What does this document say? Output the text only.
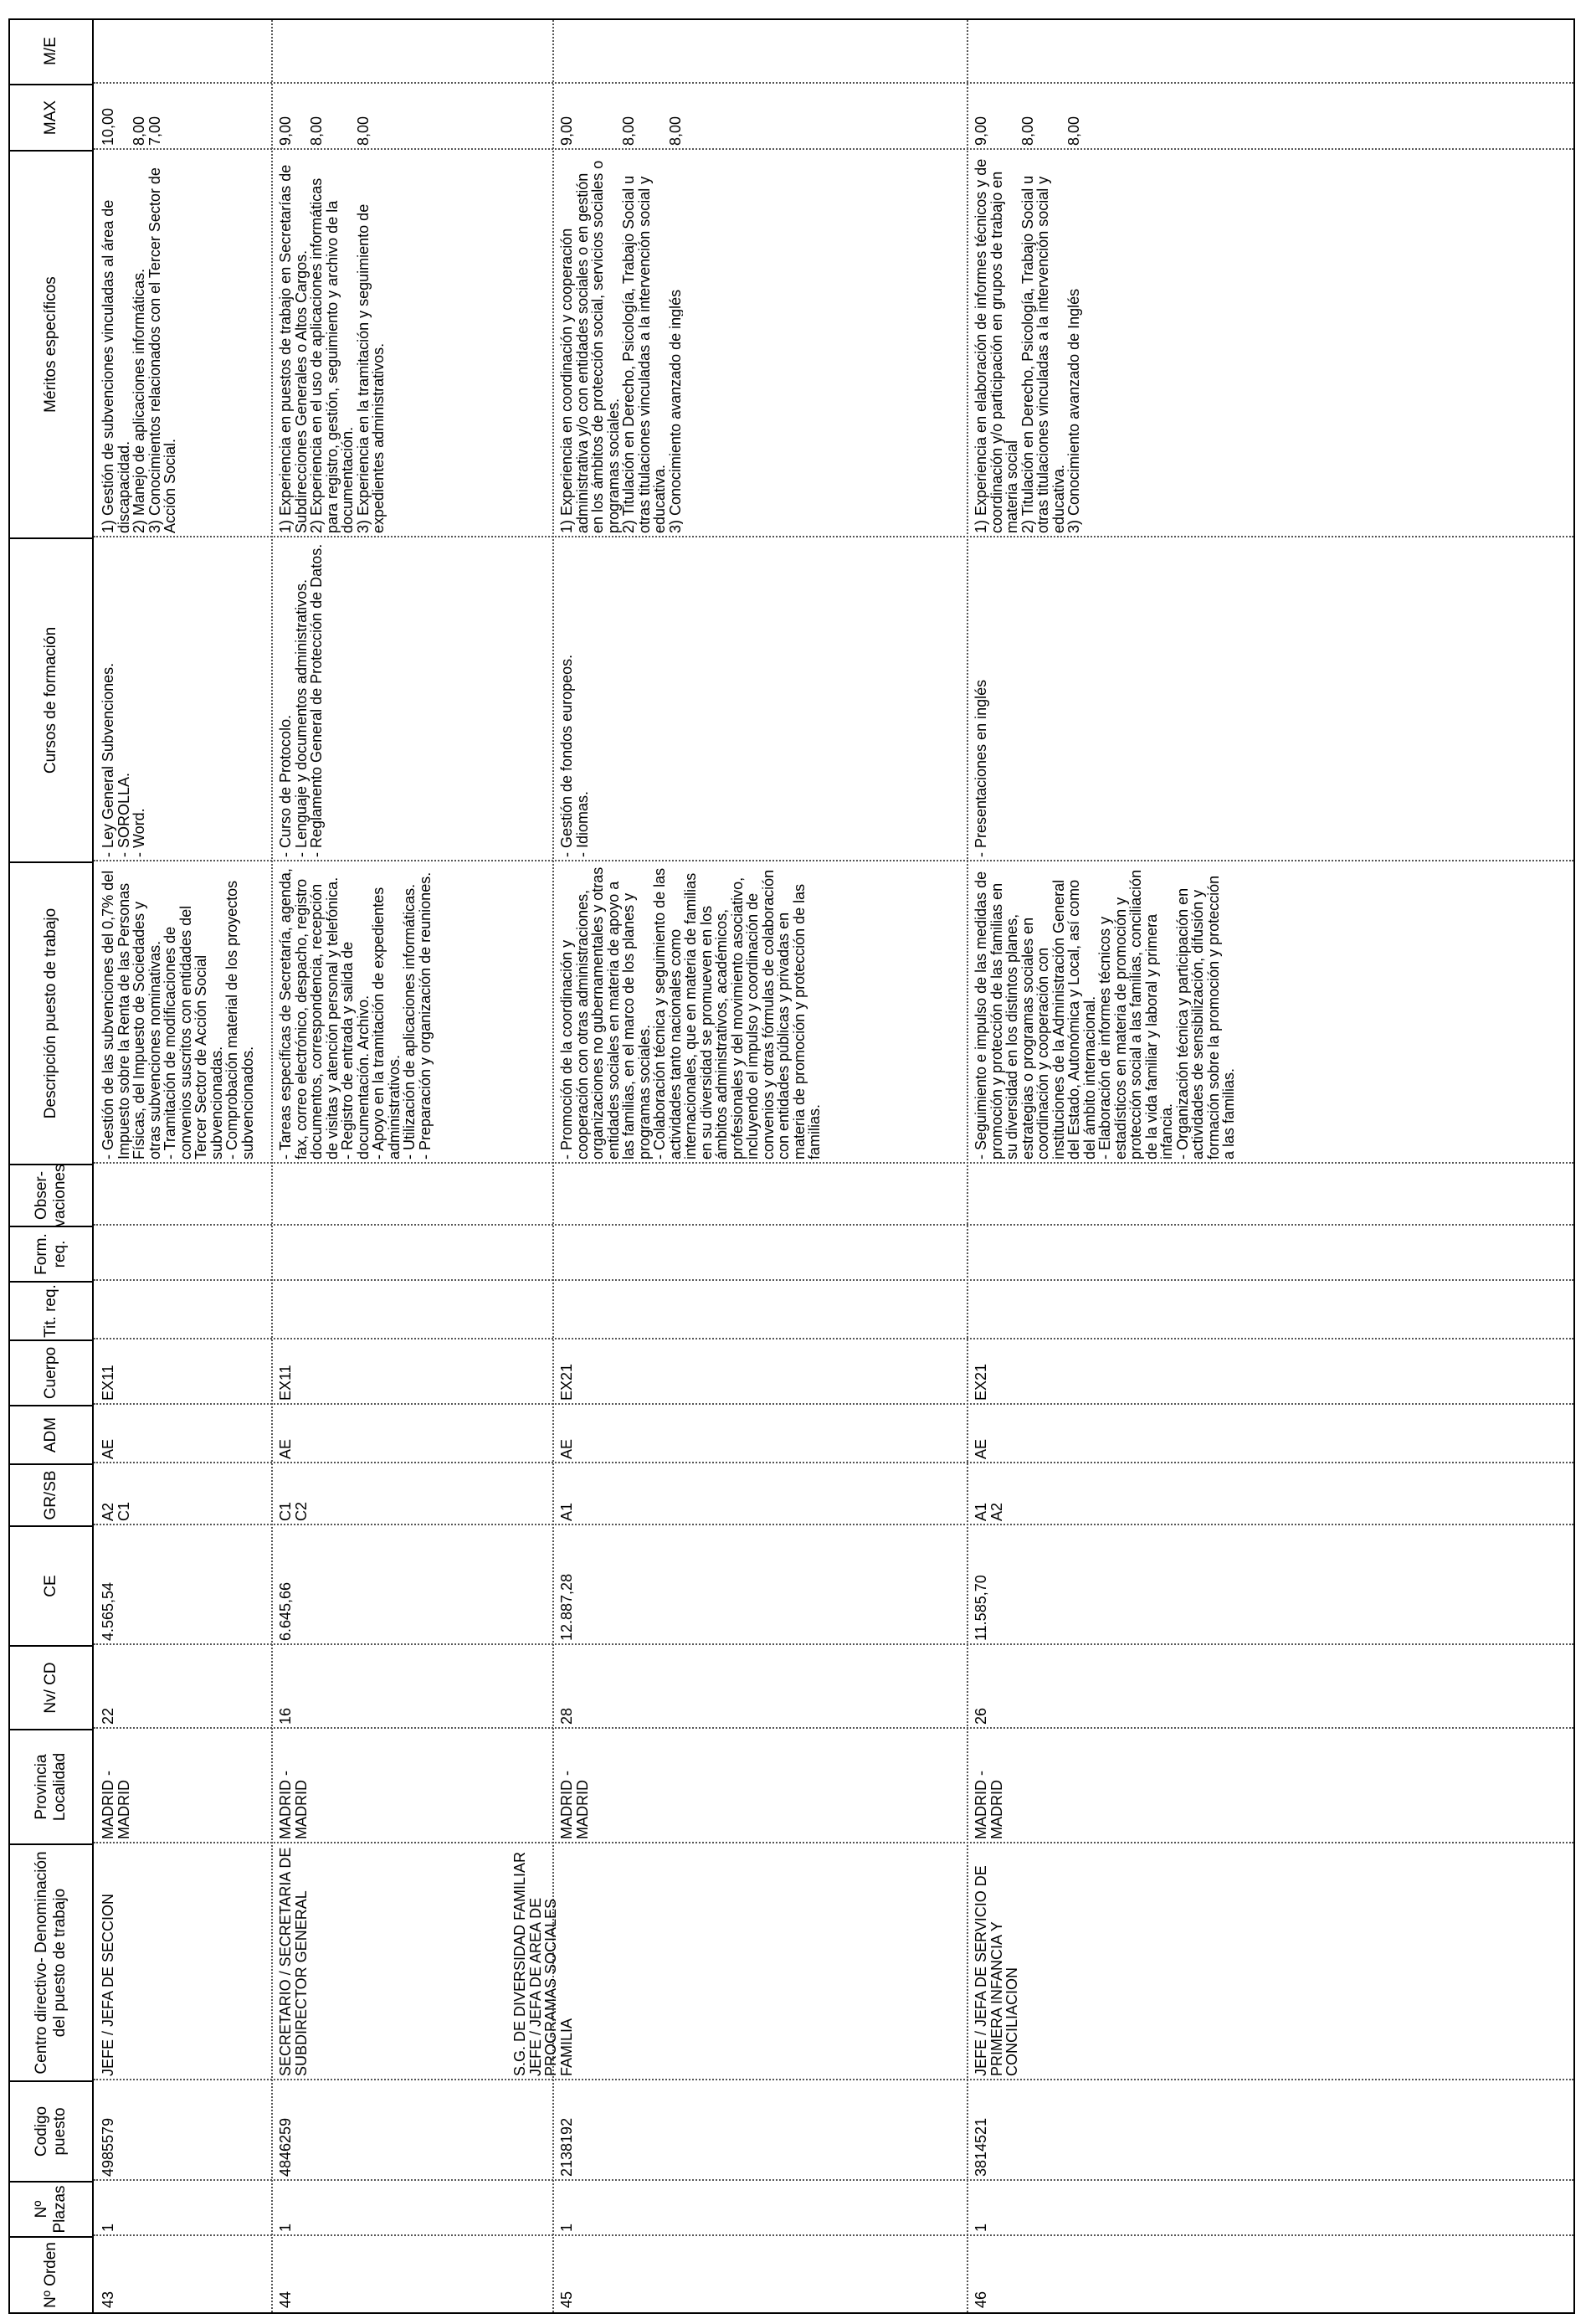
Nº Orden
Nº Plazas
Codigo puesto
Centro directivo- Denominación del puesto de trabajo
Provincia Localidad
Nv/ CD
CE
GR/SB
ADM
Cuerpo
Tit. req.
Form. req.
Obser- vaciones
Descripción puesto de trabajo
Cursos de formación
Méritos específicos
MAX
M/E
43
1
4985579
JEFE / JEFA DE SECCION
MADRID -
MADRID
22
4.565,54
A2
C1
AE
EX11
- Gestión de las subvenciones del 0,7% del Impuesto sobre la Renta de las Personas Físicas, del Impuesto de Sociedades y otras subvenciones nominativas.
- Tramitación de modificaciones de convenios suscritos con entidades del Tercer Sector de Acción Social subvencionadas.
- Comprobación material de los proyectos subvencionados.
- Ley General Subvenciones.
- SOROLLA.
- Word.
1) Gestión de subvenciones vinculadas al área de discapacidad.
2) Manejo de aplicaciones informáticas.
3) Conocimientos relacionados con el Tercer Sector de Acción Social.
10,00

8,00
7,00
44
1
4846259
SECRETARIO / SECRETARIA DE SUBDIRECTOR GENERAL
MADRID -
MADRID
16
6.645,66
C1
C2
AE
EX11
- Tareas específicas de Secretaría, agenda, fax, correo electrónico, despacho, registro documentos, correspondencia, recepción de visitas y atención personal y telefónica.
- Registro de entrada y salida de documentación. Archivo.
- Apoyo en la tramitación de expedientes administrativos.
- Utilización de aplicaciones informáticas.
- Preparación y organización de reuniones.
- Curso de Protocolo.
- Lenguaje y documentos administrativos.
- Reglamento General de Protección de Datos.
1) Experiencia en puestos de trabajo en Secretarías de Subdirecciones Generales o Altos Cargos.
2) Experiencia en el uso de aplicaciones informáticas para registro, gestión, seguimiento y archivo de la documentación.
3) Experiencia en la tramitación y seguimiento de expedientes administrativos.
9,00

8,00

8,00
45
1
2138192
S.G. DE DIVERSIDAD FAMILIAR
JEFE / JEFA DE AREA DE PROGRAMAS SOCIALES FAMILIA
MADRID -
MADRID
28
12.887,28
A1
AE
EX21
- Promoción de la coordinación y cooperación con otras administraciones, organizaciones no gubernamentales y otras entidades sociales en materia de apoyo a las familias, en el marco de los planes y programas sociales.
- Colaboración técnica y seguimiento de las actividades tanto nacionales como internacionales, que en materia de familias en su diversidad se promueven en los ámbitos administrativos, académicos, profesionales y del movimiento asociativo, incluyendo el impulso y coordinación de convenios y otras fórmulas de colaboración con entidades públicas y privadas en materia de promoción y protección de las familias.
- Gestión de fondos europeos.
- Idiomas.
1) Experiencia en coordinación y cooperación administrativa y/o con entidades sociales o en gestión en los ámbitos de protección social, servicios sociales o programas sociales.
2) Titulación en Derecho, Psicología, Trabajo Social u otras titulaciones vinculadas a la intervención social y educativa.
3) Conocimiento avanzado de inglés
9,00

8,00

8,00
46
1
3814521
JEFE / JEFA DE SERVICIO DE PRIMERA INFANCIA Y CONCILIACION
MADRID -
MADRID
26
11.585,70
A1
A2
AE
EX21
- Seguimiento e impulso de las medidas de promoción y protección de las familias en su diversidad en los distintos planes, estrategias o programas sociales en coordinación y cooperación con instituciones de la Administración General del Estado, Autonómica y Local, así como del ámbito internacional.
- Elaboración de informes técnicos y estadísticos en materia de promoción y protección social a las familias, conciliación de la vida familiar y laboral y primera infancia.
- Organización técnica y participación en actividades de sensibilización, difusión y formación sobre la promoción y protección a las familias.
- Presentaciones en inglés
1) Experiencia en elaboración de informes técnicos y de coordinación y/o participación en grupos de trabajo en materia social
2) Titulación en Derecho, Psicología, Trabajo Social u otras titulaciones vinculadas a la intervención social y educativa.
3) Conocimiento avanzado de Inglés
9,00

8,00

8,00
